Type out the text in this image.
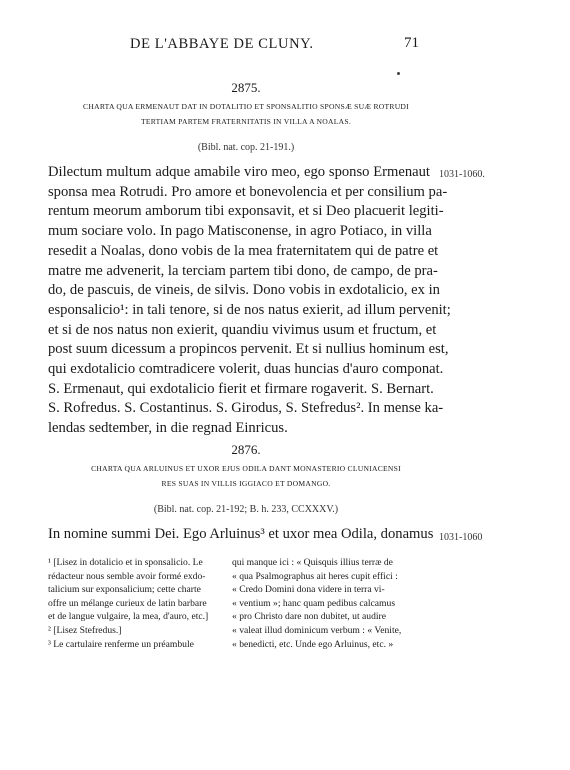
DE L'ABBAYE DE CLUNY.	71
2875.
CHARTA QUA ERMENAUT DAT IN DOTALITIO ET SPONSALITIO SPONSÆ SUÆ ROTRUDI
TERTIAM PARTEM FRATERNITATIS IN VILLA A NOALAS.
(Bibl. nat. cop. 21-191.)
Dilectum multum adque amabile viro meo, ego sponso Ermenaut
sponsa mea Rotrudi. Pro amore et bonevolencia et per consilium pa-
rentum meorum amborum tibi exponsavit, et si Deo placuerit legiti-
mum sociare volo. In pago Matisconense, in agro Potiaco, in villa
resedit a Noalas, dono vobis de la mea fraternitatem qui de patre et
matre me advenerit, la terciam partem tibi dono, de campo, de pra-
do, de pascuis, de vineis, de silvis. Dono vobis in exdotalicio, ex in
esponsalicio¹: in tali tenore, si de nos natus exierit, ad illum pervenit;
et si de nos natus non exierit, quandiu vivimus usum et fructum, et
post suum dicessum a propincos pervenit. Et si nullius hominum est,
qui exdotalicio comtradicere volerit, duas huncias d'auro componat.
S. Ermenaut, qui exdotalicio fierit et firmare rogaverit. S. Bernart.
S. Rofredus. S. Costantinus. S. Girodus, S. Stefredus². In mense ka-
lendas sedtember, in die regnad Einricus.
1031-1060.
2876.
CHARTA QUA ARLUINUS ET UXOR EJUS ODILA DANT MONASTERIO CLUNIACENSI
RES SUAS IN VILLIS IGGIACO ET DOMANGO.
(Bibl. nat. cop. 21-192; B. h. 233, CCXXXV.)
In nomine summi Dei. Ego Arluinus³ et uxor mea Odila, donamus 1031-1060
¹ [Lisez in dotalicio et in sponsalicio. Le
rédacteur nous semble avoir formé exdo-
talicium sur exponsalicium; cette charte
offre un mélange curieux de latin barbare
et de langue vulgaire, la mea, d'auro, etc.]
² [Lisez Stefredus.]
³ Le cartulaire renferme un préambule
qui manque ici : « Quisquis illius terræ de
« qua Psalmographus ait heres cupit effici :
« Credo Domini dona videre in terra vi-
« ventium »; hanc quam pedibus calcamus
« pro Christo dare non dubitet, ut audire
« valeat illud dominicum verbum : « Venite,
« benedicti, etc. Unde ego Arluinus, etc. »
